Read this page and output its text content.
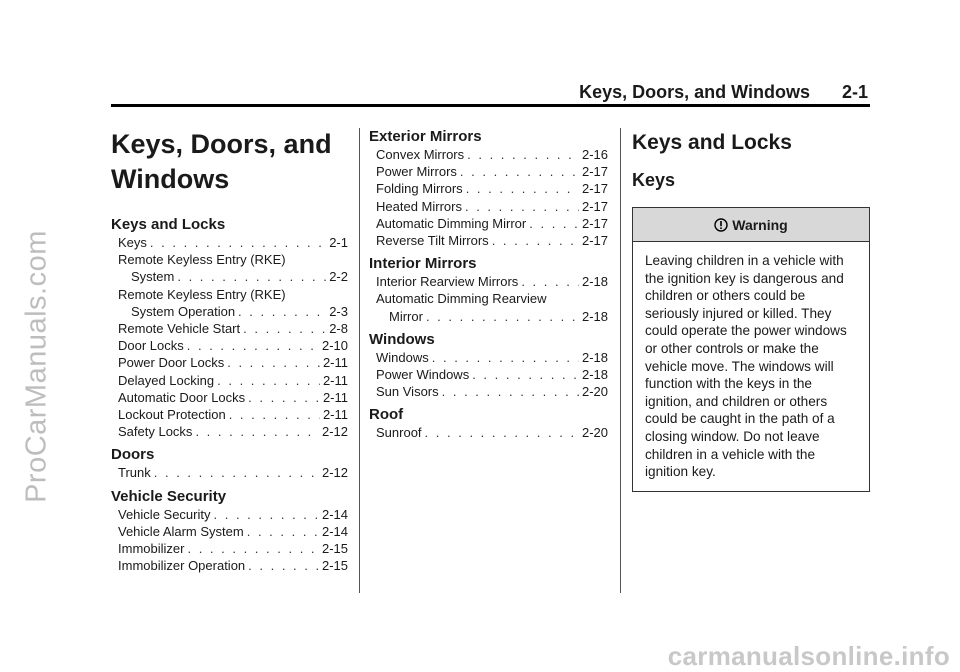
Keys, Doors, and Windows 2-1
ProCarManuals.com
carmanualsonline.info
Keys, Doors, and
Windows
Keys and Locks
Keys . . .	2-1
Remote Keyless Entry (RKE)
System . . .	2-2
Remote Keyless Entry (RKE)
System Operation . . .	2-3
Remote Vehicle Start . . .	2-8
Door Locks . . .	2-10
Power Door Locks . . .	2-11
Delayed Locking . . .	2-11
Automatic Door Locks . . .	2-11
Lockout Protection . . .	2-11
Safety Locks . . .	2-12
Doors
Trunk . . .	2-12
Vehicle Security
Vehicle Security . . .	2-14
Vehicle Alarm System . . .	2-14
Immobilizer . . .	2-15
Immobilizer Operation . . .	2-15
Exterior Mirrors
Convex Mirrors . . .	2-16
Power Mirrors . . .	2-17
Folding Mirrors . . .	2-17
Heated Mirrors . . .	2-17
Automatic Dimming Mirror . . .	2-17
Reverse Tilt Mirrors . . .	2-17
Interior Mirrors
Interior Rearview Mirrors . . .	2-18
Automatic Dimming Rearview
Mirror . . .	2-18
Windows
Windows . . .	2-18
Power Windows . . .	2-18
Sun Visors . . .	2-20
Roof
Sunroof . . .	2-20
Keys and Locks
Keys
Warning
Leaving children in a vehicle with the ignition key is dangerous and children or others could be seriously injured or killed. They could operate the power windows or other controls or make the vehicle move. The windows will function with the keys in the ignition, and children or others could be caught in the path of a closing window. Do not leave children in a vehicle with the ignition key.
